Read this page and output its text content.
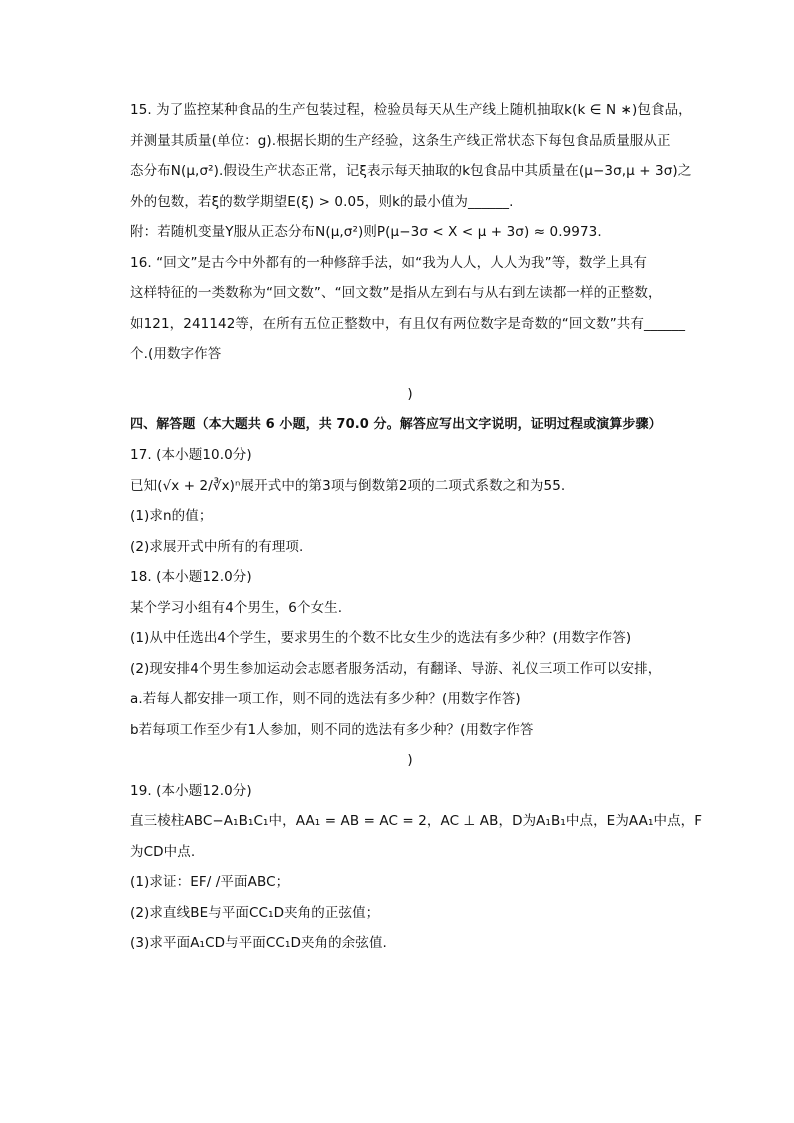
15. 为了监控某种食品的生产包装过程，检验员每天从生产线上随机抽取k(k ∈ N ∗)包食品，
并测量其质量(单位：g).根据长期的生产经验，这条生产线正常状态下每包食品质量服从正
态分布N(μ,σ²).假设生产状态正常，记ξ表示每天抽取的k包食品中其质量在(μ−3σ,μ + 3σ)之
外的包数，若ξ的数学期望E(ξ) > 0.05，则k的最小值为______.
附：若随机变量Y服从正态分布N(μ,σ²)则P(μ−3σ < X < μ + 3σ) ≈ 0.9973.
16. “回文”是古今中外都有的一种修辞手法，如“我为人人，人人为我”等，数学上具有
这样特征的一类数称为“回文数”、“回文数”是指从左到右与从右到左读都一样的正整数，
如121，241142等，在所有五位正整数中，有且仅有两位数字是奇数的“回文数”共有______
个.(用数字作答
)
四、解答题（本大题共 6 小题，共 70.0 分。解答应写出文字说明，证明过程或演算步骤）
17. (本小题10.0分)
已知(√x + 2/∛x)ⁿ展开式中的第3项与倒数第2项的二项式系数之和为55.
(1)求n的值；
(2)求展开式中所有的有理项.
18. (本小题12.0分)
某个学习小组有4个男生，6个女生.
(1)从中任选出4个学生，要求男生的个数不比女生少的选法有多少种？(用数字作答)
(2)现安排4个男生参加运动会志愿者服务活动，有翻译、导游、礼仪三项工作可以安排，
a.若每人都安排一项工作，则不同的选法有多少种？(用数字作答)
b若每项工作至少有1人参加，则不同的选法有多少种？(用数字作答
)
19. (本小题12.0分)
直三棱柱ABC−A₁B₁C₁中，AA₁ = AB = AC = 2，AC ⊥ AB，D为A₁B₁中点，E为AA₁中点，F
为CD中点.
(1)求证：EF/ /平面ABC；
(2)求直线BE与平面CC₁D夹角的正弦值；
(3)求平面A₁CD与平面CC₁D夹角的余弦值.
